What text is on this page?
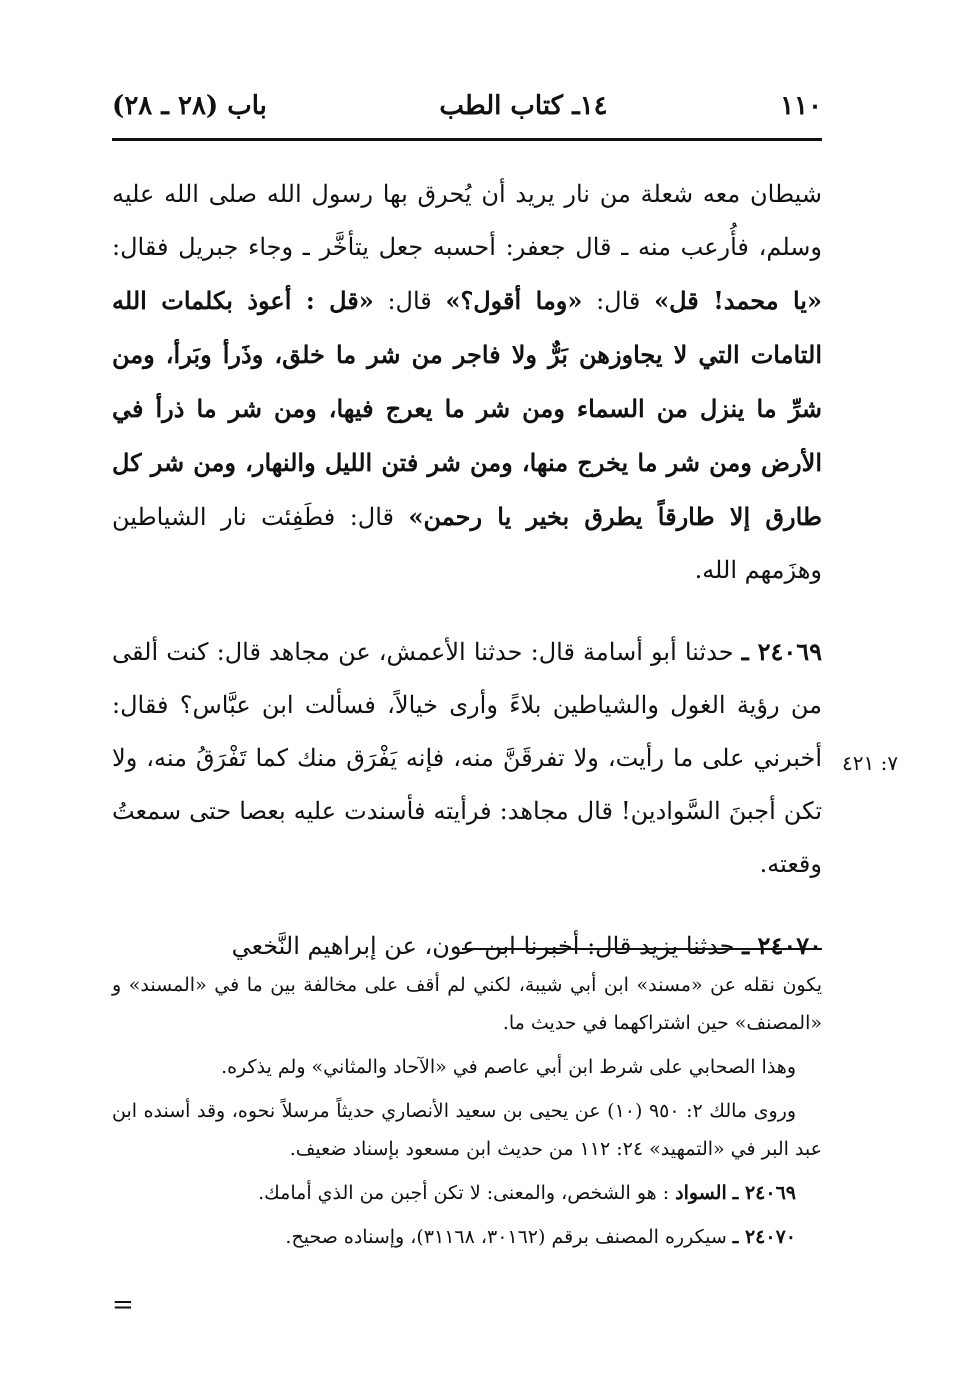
١١٠
١٤ـ كتاب الطب
باب (٢٨ ـ ٢٨)

شيطان معه شعلة من نار يريد أن يُحرق بها رسول الله صلى الله عليه وسلم، فأُرعب منه ـ قال جعفر: أحسبه جعل يتأخَّر ـ وجاء جبريل فقال: «يا محمد! قل» قال: «وما أقول؟» قال: «قل : أعوذ بكلمات الله التامات التي لا يجاوزهن بَرٌّ ولا فاجر من شر ما خلق، وذَرأ وبَرأ، ومن شرِّ ما ينزل من السماء ومن شر ما يعرج فيها، ومن شر ما ذرأ في الأرض ومن شر ما يخرج منها، ومن شر فتن الليل والنهار، ومن شر كل طارق إلا طارقاً يطرق بخير يا رحمن» قال: فطَفِئت نار الشياطين وهزَمهم الله.

٢٤٠٦٩ ـ حدثنا أبو أسامة قال: حدثنا الأعمش، عن مجاهد قال: كنت ألقى من رؤية الغول والشياطين بلاءً وأرى خيالاً، فسألت ابن عبَّاس؟ فقال: أخبرني على ما رأيت، ولا تفرقَنَّ منه، فإنه يَفْرَق منك كما تَفْرَقُ منه، ولا تكن أجبنَ السَّوادين! قال مجاهد: فرأيته فأسندت عليه بعصا حتى سمعتُ وقعته.

٢٤٠٧٠ ـ حدثنا يزيد قال: أخبرنا ابن عون، عن إبراهيم النَّخعي

٧: ٤٢١

يكون نقله عن «مسند» ابن أبي شيبة، لكني لم أقف على مخالفة بين ما في «المسند» و «المصنف» حين اشتراكهما في حديث ما.

وهذا الصحابي على شرط ابن أبي عاصم في «الآحاد والمثاني» ولم يذكره.

وروى مالك ٢: ٩٥٠ (١٠) عن يحيى بن سعيد الأنصاري حديثاً مرسلاً نحوه، وقد أسنده ابن عبد البر في «التمهيد» ٢٤: ١١٢ من حديث ابن مسعود بإسناد ضعيف.

٢٤٠٦٩ ـ السواد : هو الشخص، والمعنى: لا تكن أجبن من الذي أمامك.

٢٤٠٧٠ ـ سيكرره المصنف برقم (٣٠١٦٢، ٣١١٦٨)، وإسناده صحيح.

=
